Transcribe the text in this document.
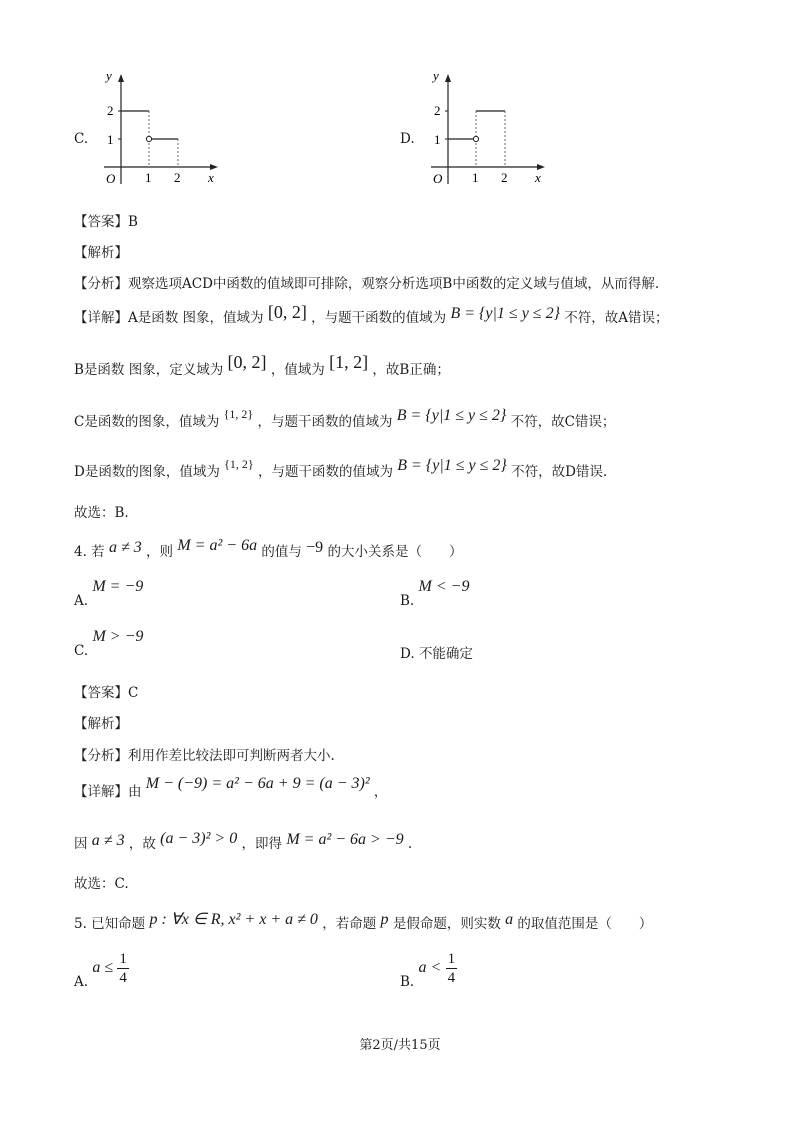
C.
y
x
O
2
1
1 2
D.
y
x
O
2
1
1 2
【答案】B
【解析】
【分析】观察选项ACD中函数的值域即可排除，观察分析选项B中函数的定义域与值域，从而得解.
【详解】A是函数 图象，值域为 [0, 2] ，与题干函数的值域为 B = {y|1 ≤ y ≤ 2} 不符，故A错误；
B是函数 图象，定义域为 [0, 2] ，值域为 [1, 2] ，故B正确；
C是函数的图象，值域为 {1, 2} ，与题干函数的值域为 B = {y|1 ≤ y ≤ 2} 不符，故C错误；
D是函数的图象，值域为 {1, 2} ，与题干函数的值域为 B = {y|1 ≤ y ≤ 2} 不符，故D错误.
故选：B.
4. 若 a ≠ 3 ，则 M = a² − 6a 的值与 −9 的大小关系是（　　）
A. M = −9
B. M < −9
C. M > −9
D. 不能确定
【答案】C
【解析】
【分析】利用作差比较法即可判断两者大小.
【详解】由 M − (−9) = a² − 6a + 9 = (a − 3)² ，
因 a ≠ 3 ，故 (a − 3)² > 0 ，即得 M = a² − 6a > −9 .
故选：C.
5. 已知命题 p : ∀x ∈ R, x² + x + a ≠ 0 ，若命题 p 是假命题，则实数 a 的取值范围是（　　）
A. $a \le \frac{1}{4}$	B. $a < \frac{1}{4}$
第2页/共15页
